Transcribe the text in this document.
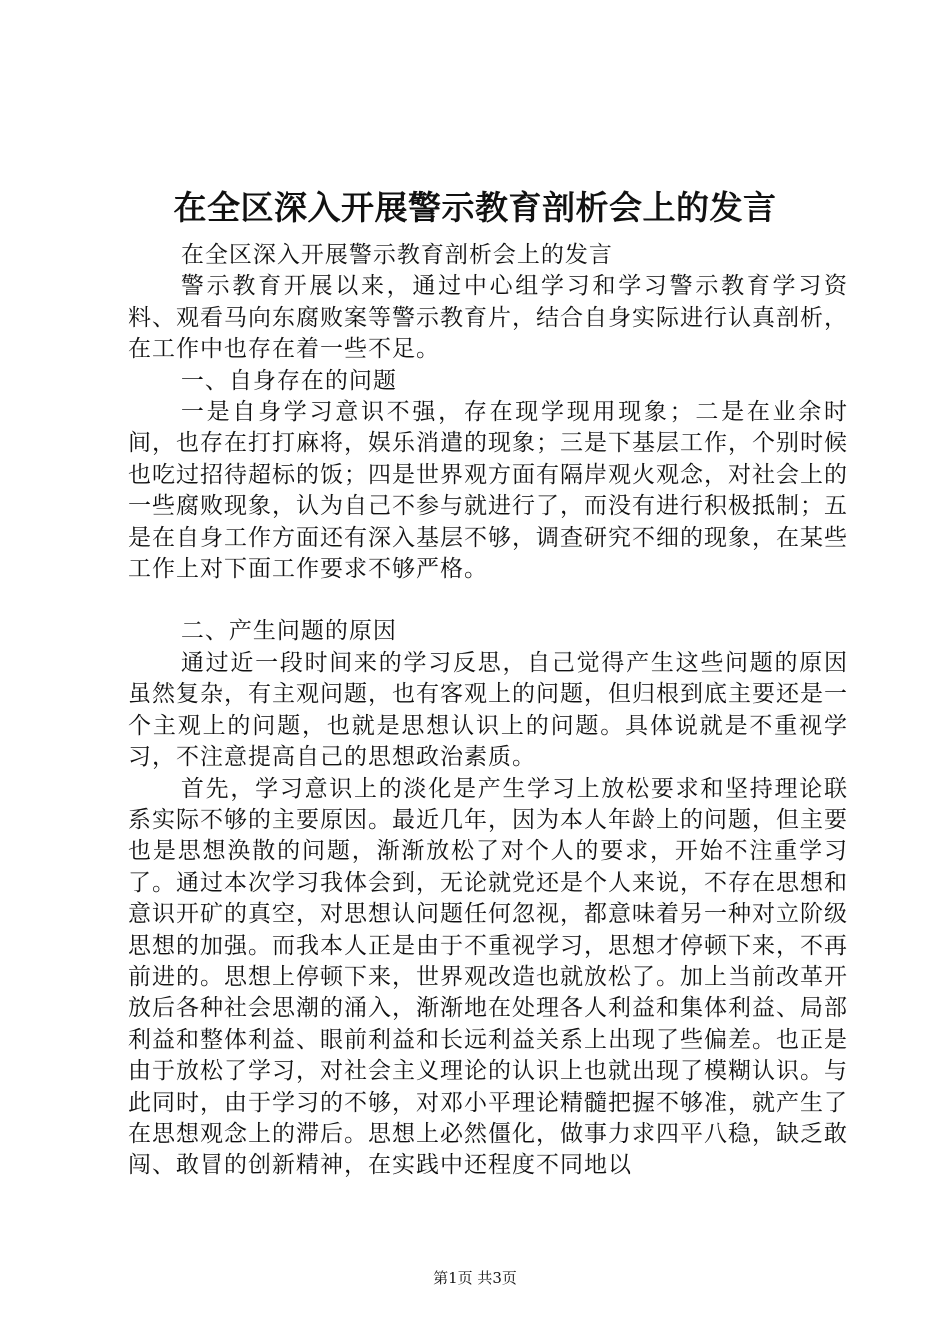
在全区深入开展警示教育剖析会上的发言

在全区深入开展警示教育剖析会上的发言

警示教育开展以来，通过中心组学习和学习警示教育学习资料、观看马向东腐败案等警示教育片，结合自身实际进行认真剖析，在工作中也存在着一些不足。

一、自身存在的问题

一是自身学习意识不强，存在现学现用现象；二是在业余时间，也存在打打麻将，娱乐消遣的现象；三是下基层工作，个别时候也吃过招待超标的饭；四是世界观方面有隔岸观火观念，对社会上的一些腐败现象，认为自己不参与就进行了，而没有进行积极抵制；五是在自身工作方面还有深入基层不够，调查研究不细的现象，在某些工作上对下面工作要求不够严格。

二、产生问题的原因

通过近一段时间来的学习反思，自己觉得产生这些问题的原因虽然复杂，有主观问题，也有客观上的问题，但归根到底主要还是一个主观上的问题，也就是思想认识上的问题。具体说就是不重视学习，不注意提高自己的思想政治素质。

首先，学习意识上的淡化是产生学习上放松要求和坚持理论联系实际不够的主要原因。最近几年，因为本人年龄上的问题，但主要也是思想涣散的问题，渐渐放松了对个人的要求，开始不注重学习了。通过本次学习我体会到，无论就党还是个人来说，不存在思想和意识开矿的真空，对思想认问题任何忽视，都意味着另一种对立阶级思想的加强。而我本人正是由于不重视学习，思想才停顿下来，不再前进的。思想上停顿下来，世界观改造也就放松了。加上当前改革开放后各种社会思潮的涌入，渐渐地在处理各人利益和集体利益、局部利益和整体利益、眼前利益和长远利益关系上出现了些偏差。也正是由于放松了学习，对社会主义理论的认识上也就出现了模糊认识。与此同时，由于学习的不够，对邓小平理论精髓把握不够准，就产生了在思想观念上的滞后。思想上必然僵化，做事力求四平八稳，缺乏敢闯、敢冒的创新精神，在实践中还程度不同地以

第1页 共3页
